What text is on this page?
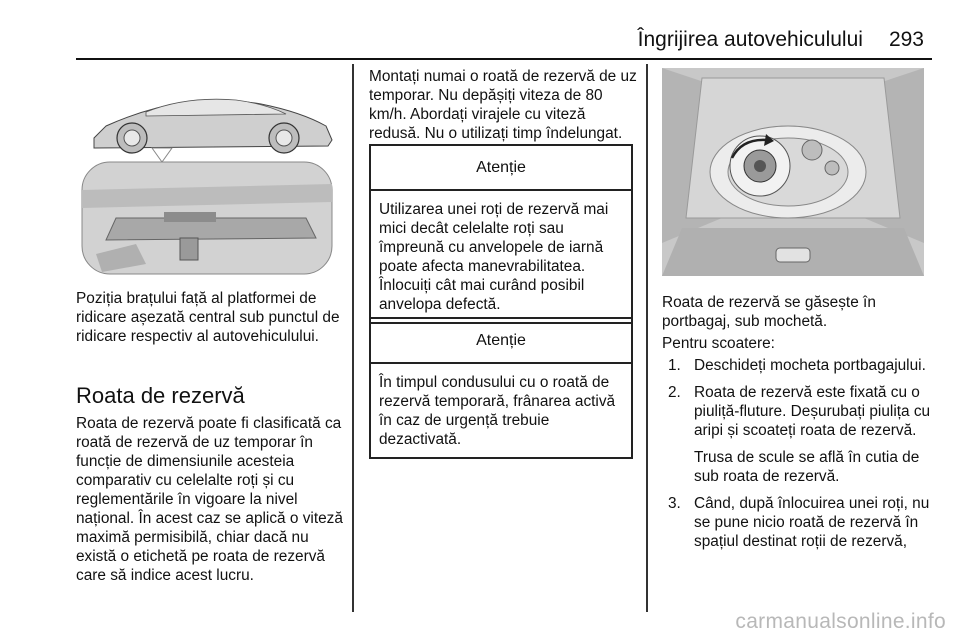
Îngrijirea autovehiculului 293
Poziția brațului față al platformei de ridicare așezată central sub punctul de ridicare respectiv al autovehiculului.
Roata de rezervă
Roata de rezervă poate fi clasificată ca roată de rezervă de uz temporar în funcție de dimensiunile acesteia comparativ cu celelalte roți și cu reglementările în vigoare la nivel național. În acest caz se aplică o viteză maximă permisibilă, chiar dacă nu există o etichetă pe roata de rezervă care să indice acest lucru.
Montați numai o roată de rezervă de uz temporar. Nu depășiți viteza de 80 km/h. Abordați virajele cu viteză redusă. Nu o utilizați timp îndelungat.
Atenție
Utilizarea unei roți de rezervă mai mici decât celelalte roți sau împreună cu anvelopele de iarnă poate afecta manevrabilitatea. Înlocuiți cât mai curând posibil anvelopa defectă.
Atenție
În timpul condusului cu o roată de rezervă temporară, frânarea activă în caz de urgență trebuie dezactivată.
Roata de rezervă se găsește în portbagaj, sub mochetă.
Pentru scoatere:
1. Deschideți mocheta portbagajului.

2. Roata de rezervă este fixată cu o piuliță-fluture. Deșurubați piulița cu aripi și scoateți roata de rezervă.

Trusa de scule se află în cutia de sub roata de rezervă.

3. Când, după înlocuirea unei roți, nu se pune nicio roată de rezervă în spațiul destinat roții de rezervă,

carmanualsonline.info
